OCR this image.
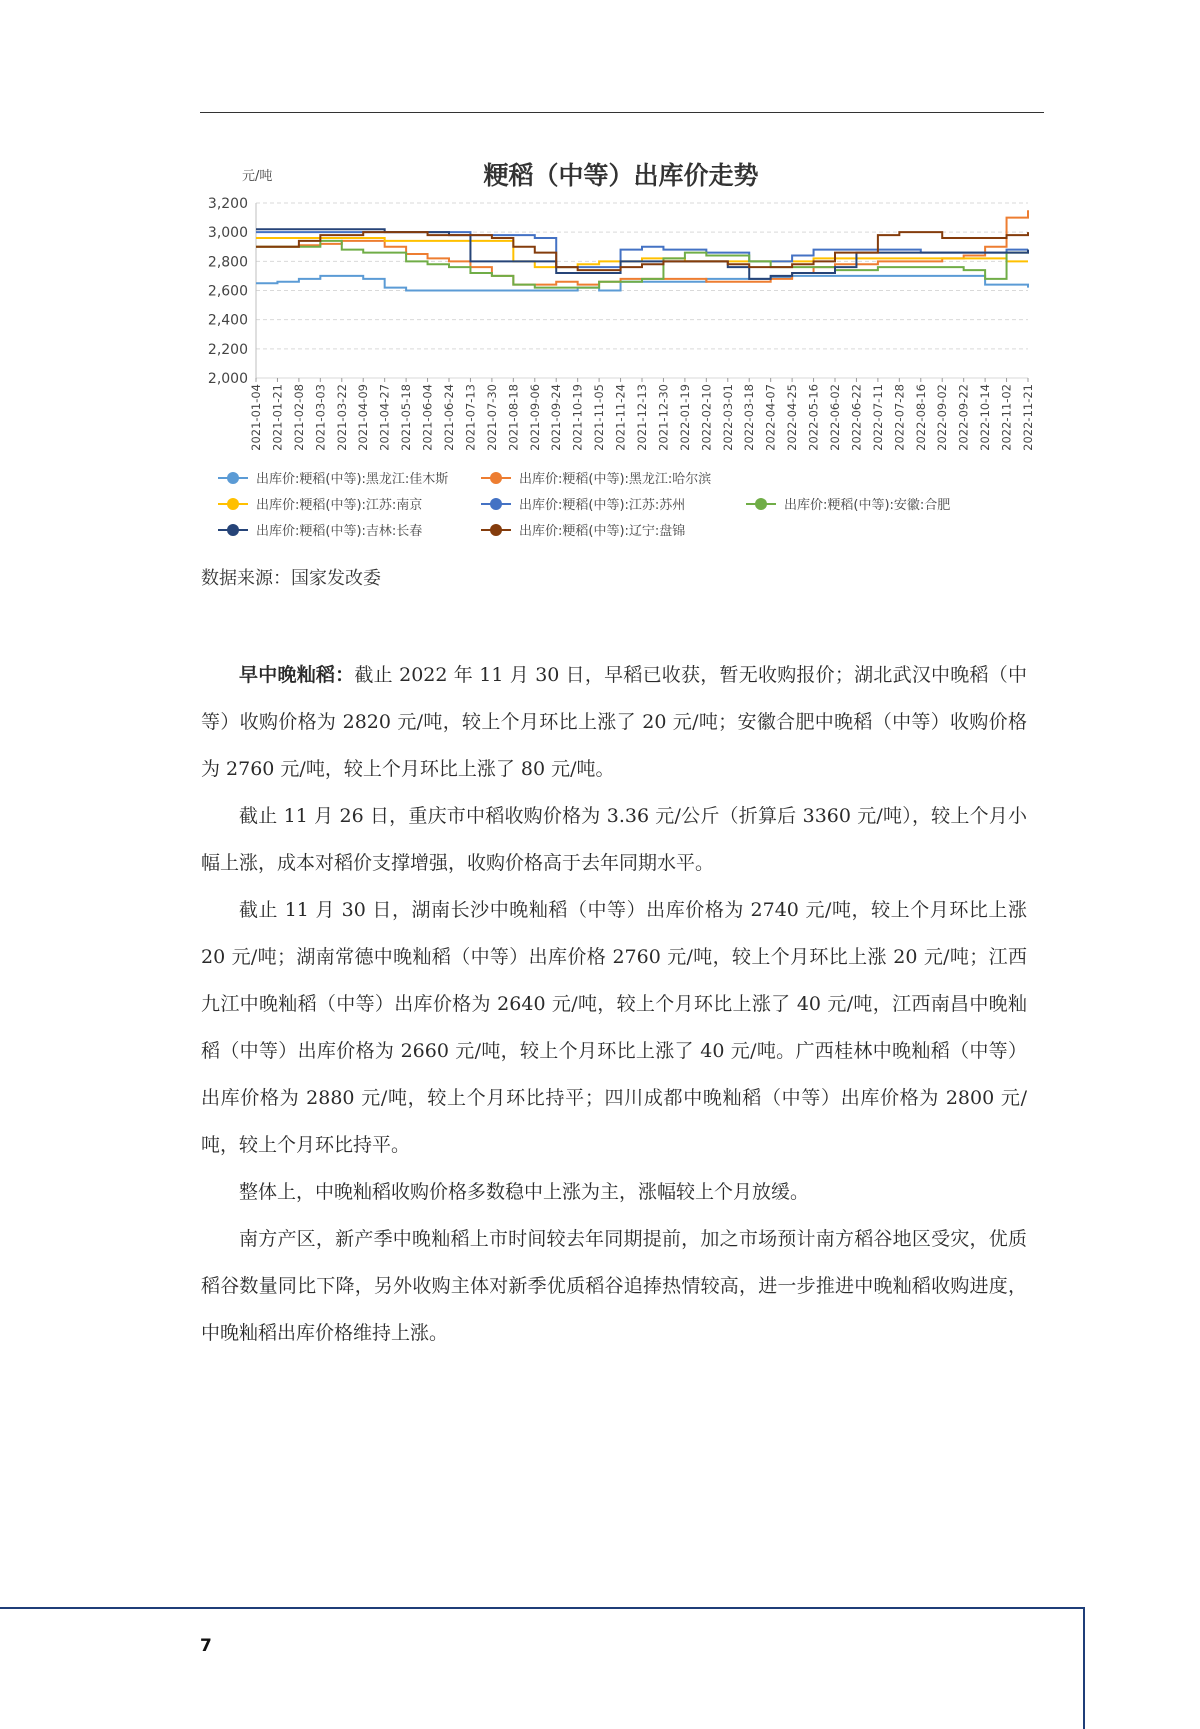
粳稻（中等）出库价走势
元/吨
3,200
3,000
2,800
2,600
2,400
2,200
2,000
2021-01-04 2021-01-21 2021-02-08 2021-03-03 2021-03-22 2021-04-09 2021-04-27 2021-05-18 2021-06-04 2021-06-24 2021-07-13 2021-07-30 2021-08-18 2021-09-06 2021-09-24 2021-10-19 2021-11-05 2021-11-24 2021-12-13 2021-12-30 2022-01-19 2022-02-10 2022-03-01 2022-03-18 2022-04-07 2022-04-25 2022-05-16 2022-06-02 2022-06-22 2022-07-11 2022-07-28 2022-08-16 2022-09-02 2022-09-22 2022-10-14 2022-11-02 2022-11-21
出库价:粳稻(中等):黑龙江:佳木斯	出库价:粳稻(中等):黑龙江:哈尔滨
出库价:粳稻(中等):江苏:南京	出库价:粳稻(中等):江苏:苏州	出库价:粳稻(中等):安徽:合肥
出库价:粳稻(中等):吉林:长春	出库价:粳稻(中等):辽宁:盘锦
数据来源：国家发改委

早中晚籼稻：截止 2022 年 11 月 30 日，早稻已收获，暂无收购报价；湖北武汉中晚稻（中等）收购价格为 2820 元/吨，较上个月环比上涨了 20 元/吨；安徽合肥中晚稻（中等）收购价格为 2760 元/吨，较上个月环比上涨了 80 元/吨。

截止 11 月 26 日，重庆市中稻收购价格为 3.36 元/公斤（折算后 3360 元/吨），较上个月小幅上涨，成本对稻价支撑增强，收购价格高于去年同期水平。

截止 11 月 30 日，湖南长沙中晚籼稻（中等）出库价格为 2740 元/吨，较上个月环比上涨 20 元/吨；湖南常德中晚籼稻（中等）出库价格 2760 元/吨，较上个月环比上涨 20 元/吨；江西九江中晚籼稻（中等）出库价格为 2640 元/吨，较上个月环比上涨了 40 元/吨，江西南昌中晚籼稻（中等）出库价格为 2660 元/吨，较上个月环比上涨了 40 元/吨。广西桂林中晚籼稻（中等）出库价格为 2880 元/吨，较上个月环比持平；四川成都中晚籼稻（中等）出库价格为 2800 元/吨，较上个月环比持平。

整体上，中晚籼稻收购价格多数稳中上涨为主，涨幅较上个月放缓。

南方产区，新产季中晚籼稻上市时间较去年同期提前，加之市场预计南方稻谷地区受灾，优质稻谷数量同比下降，另外收购主体对新季优质稻谷追捧热情较高，进一步推进中晚籼稻收购进度，中晚籼稻出库价格维持上涨。

7
